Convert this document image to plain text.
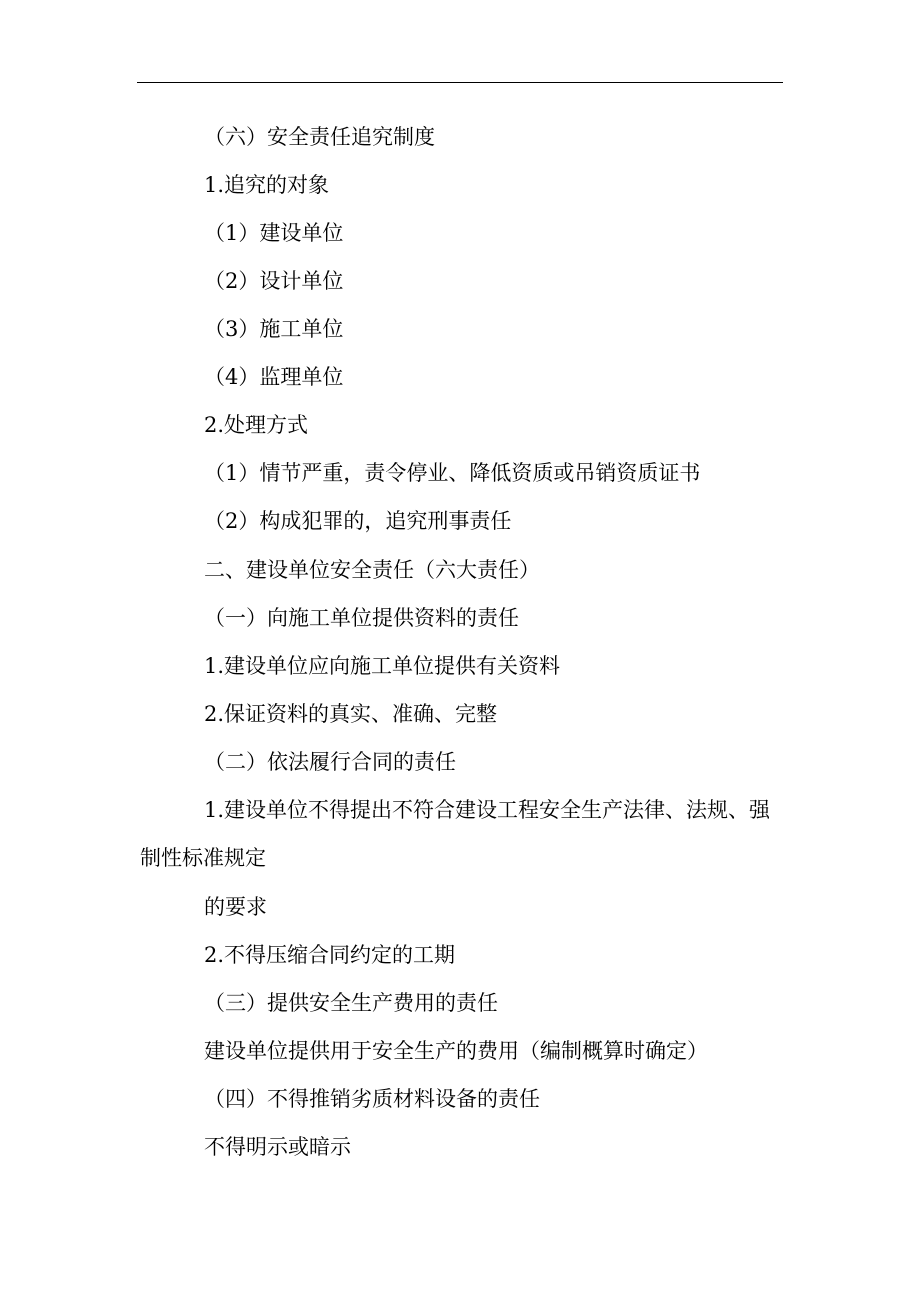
（六）安全责任追究制度
1.追究的对象
（1）建设单位
（2）设计单位
（3）施工单位
（4）监理单位
2.处理方式
（1）情节严重，责令停业、降低资质或吊销资质证书
（2）构成犯罪的，追究刑事责任
二、建设单位安全责任（六大责任）
（一）向施工单位提供资料的责任
1.建设单位应向施工单位提供有关资料
2.保证资料的真实、准确、完整
（二）依法履行合同的责任
1.建设单位不得提出不符合建设工程安全生产法律、法规、强
制性标准规定
的要求
2.不得压缩合同约定的工期
（三）提供安全生产费用的责任
建设单位提供用于安全生产的费用（编制概算时确定）
（四）不得推销劣质材料设备的责任
不得明示或暗示
